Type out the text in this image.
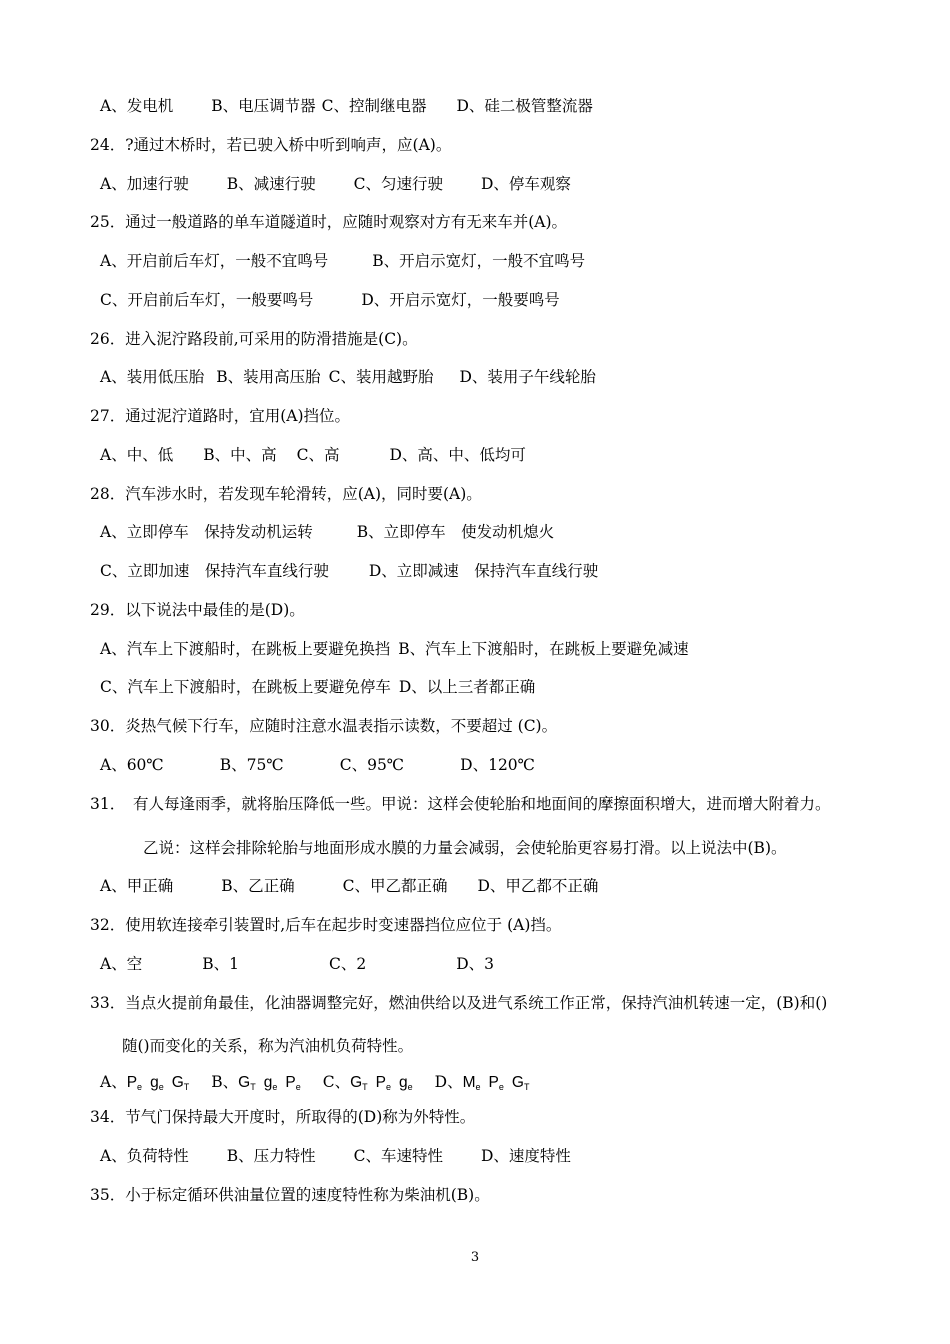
A、发电机 B、电压调节器 C、控制继电器 D、硅二极管整流器
24．?通过木桥时，若已驶入桥中听到响声，应(A)。
A、加速行驶 B、减速行驶 C、匀速行驶 D、停车观察
25．通过一般道路的单车道隧道时，应随时观察对方有无来车并(A)。
A、开启前后车灯，一般不宜鸣号	B、开启示宽灯，一般不宜鸣号
C、开启前后车灯，一般要鸣号	D、开启示宽灯，一般要鸣号
26．进入泥泞路段前,可采用的防滑措施是(C)。
A、装用低压胎 B、装用高压胎 C、装用越野胎 D、装用子午线轮胎
27．通过泥泞道路时，宜用(A)挡位。
A、中、低 B、中、高 C、高	D、高、中、低均可
28．汽车涉水时，若发现车轮滑转，应(A)，同时要(A)。
A、立即停车　保持发动机运转	B、立即停车　使发动机熄火
C、立即加速　保持汽车直线行驶	D、立即减速　保持汽车直线行驶
29．以下说法中最佳的是(D)。
A、汽车上下渡船时，在跳板上要避免换挡 B、汽车上下渡船时，在跳板上要避免减速
C、汽车上下渡船时，在跳板上要避免停车 D、以上三者都正确
30．炎热气候下行车，应随时注意水温表指示读数，不要超过 (C)。
A、60℃	B、75℃	C、95℃	D、120℃
31．　有人每逢雨季，就将胎压降低一些。甲说：这样会使轮胎和地面间的摩擦面积增大，进而增大附着力。
乙说：这样会排除轮胎与地面形成水膜的力量会减弱，会使轮胎更容易打滑。以上说法中(B)。
A、甲正确	B、乙正确	C、甲乙都正确 D、甲乙都不正确
32．使用软连接牵引装置时,后车在起步时变速器挡位应位于 (A)挡。
A、空	B、1	C、2	D、3
33．当点火提前角最佳，化油器调整完好，燃油供给以及进气系统工作正常，保持汽油机转速一定，(B)和()
随()而变化的关系，称为汽油机负荷特性。
34．节气门保持最大开度时，所取得的(D)称为外特性。
A、负荷特性 B、压力特性 C、车速特性 D、速度特性
35．小于标定循环供油量位置的速度特性称为柴油机(B)。
A、$P_e$ $g_e$ $G_T$ B、$G_T$ $g_e$ $P_e$ C、$G_T$ $P_e$ $g_e$ D、$M_e$ $P_e$ $G_T$
3
